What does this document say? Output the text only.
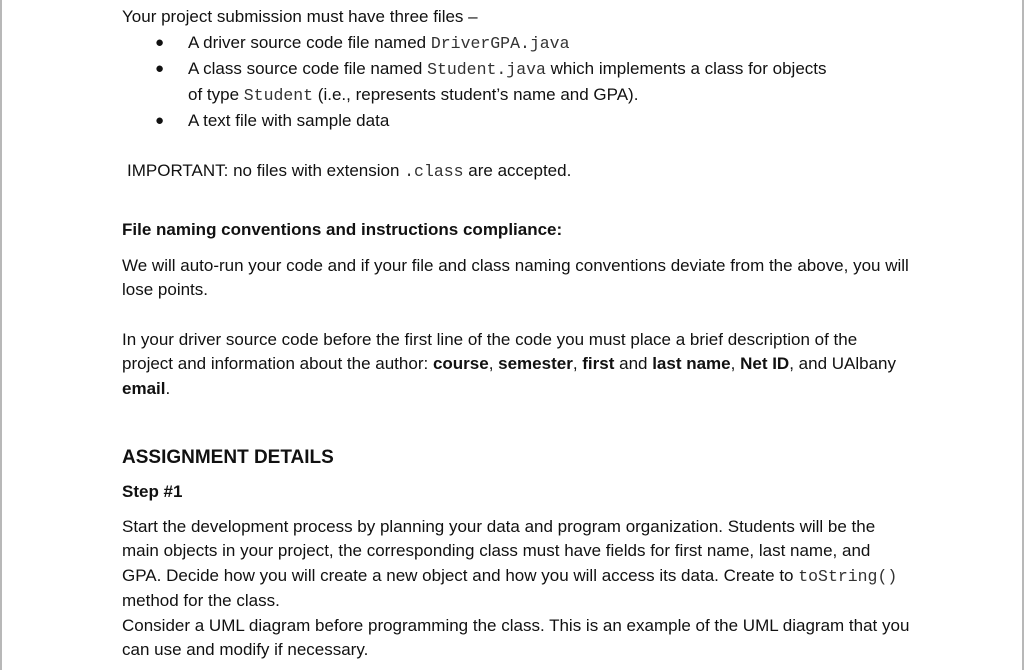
Your project submission must have three files –

● A driver source code file named DriverGPA.java
● A class source code file named Student.java which implements a class for objects
of type Student (i.e., represents student’s name and GPA).
● A text file with sample data

IMPORTANT: no files with extension .class are accepted.

File naming conventions and instructions compliance:

We will auto-run your code and if your file and class naming conventions deviate from the above, you will lose points.

In your driver source code before the first line of the code you must place a brief description of the project and information about the author: course, semester, first and last name, Net ID, and UAlbany email.

ASSIGNMENT DETAILS

Step #1

Start the development process by planning your data and program organization. Students will be the main objects in your project, the corresponding class must have fields for first name, last name, and GPA. Decide how you will create a new object and how you will access its data. Create to toString() method for the class.
Consider a UML diagram before programming the class. This is an example of the UML diagram that you can use and modify if necessary.
